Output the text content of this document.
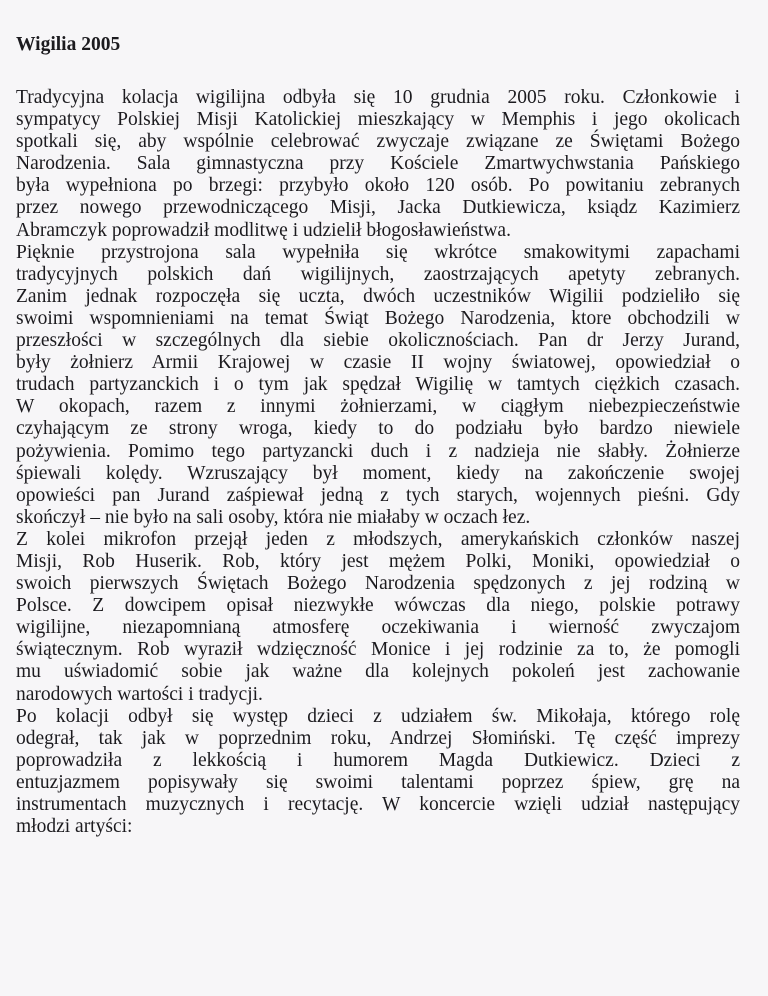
Wigilia 2005
Tradycyjna kolacja wigilijna odbyła się 10 grudnia 2005 roku. Członkowie i
sympatycy Polskiej Misji Katolickiej mieszkający w Memphis i jego okolicach
spotkali się, aby wspólnie celebrować zwyczaje związane ze Świętami Bożego
Narodzenia. Sala gimnastyczna przy Kościele Zmartwychwstania Pańskiego
była wypełniona po brzegi: przybyło około 120 osób. Po powitaniu zebranych
przez nowego przewodniczącego Misji, Jacka Dutkiewicza, ksiądz Kazimierz
Abramczyk poprowadził modlitwę i udzielił błogosławieństwa.
Pięknie przystrojona sala wypełniła się wkrótce smakowitymi zapachami
tradycyjnych polskich dań wigilijnych, zaostrzających apetyty zebranych.
Zanim jednak rozpoczęła się uczta, dwóch uczestników Wigilii podzieliło się
swoimi wspomnieniami na temat Świąt Bożego Narodzenia, ktore obchodzili w
przeszłości w szczególnych dla siebie okolicznościach. Pan dr Jerzy Jurand,
były żołnierz Armii Krajowej w czasie II wojny światowej, opowiedział o
trudach partyzanckich i o tym jak spędzał Wigilię w tamtych ciężkich czasach.
W okopach, razem z innymi żołnierzami, w ciągłym niebezpieczeństwie
czyhającym ze strony wroga, kiedy to do podziału było bardzo niewiele
pożywienia. Pomimo tego partyzancki duch i z nadzieja nie słabły. Żołnierze
śpiewali kolędy. Wzruszający był moment, kiedy na zakończenie swojej
opowieści pan Jurand zaśpiewał jedną z tych starych, wojennych pieśni. Gdy
skończył – nie było na sali osoby, która nie miałaby w oczach łez.
Z kolei mikrofon przejął jeden z młodszych, amerykańskich członków naszej
Misji, Rob Huserik. Rob, który jest mężem Polki, Moniki, opowiedział o
swoich pierwszych Świętach Bożego Narodzenia spędzonych z jej rodziną w
Polsce. Z dowcipem opisał niezwykłe wówczas dla niego, polskie potrawy
wigilijne, niezapomnianą atmosferę oczekiwania i wierność zwyczajom
świątecznym. Rob wyraził wdzięczność Monice i jej rodzinie za to, że pomogli
mu uświadomić sobie jak ważne dla kolejnych pokoleń jest zachowanie
narodowych wartości i tradycji.
Po kolacji odbył się występ dzieci z udziałem św. Mikołaja, którego rolę
odegrał, tak jak w poprzednim roku, Andrzej Słomiński. Tę część imprezy
poprowadziła z lekkością i humorem Magda Dutkiewicz. Dzieci z
entuzjazmem popisywały się swoimi talentami poprzez śpiew, grę na
instrumentach muzycznych i recytację. W koncercie wzięli udział następujący
młodzi artyści:
